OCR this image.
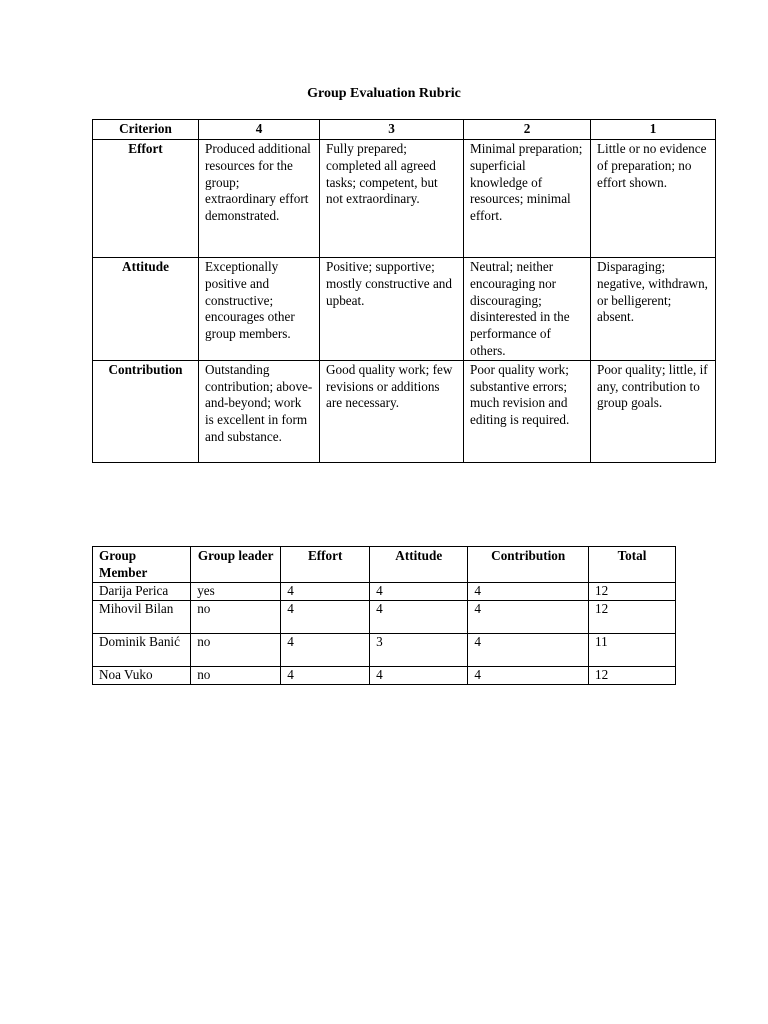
Group Evaluation Rubric
Criterion	4	3	2	1
Effort	Produced additional resources for the group; extraordinary effort demonstrated.	Fully prepared; completed all agreed tasks; competent, but not extraordinary.	Minimal preparation; superficial knowledge of resources; minimal effort.	Little or no evidence of preparation; no effort shown.
Attitude	Exceptionally positive and constructive; encourages other group members.	Positive; supportive; mostly constructive and upbeat.	Neutral; neither encouraging nor discouraging; disinterested in the performance of others.	Disparaging; negative, withdrawn, or belligerent; absent.
Contribution	Outstanding contribution; above-and-beyond; work is excellent in form and substance.	Good quality work; few revisions or additions are necessary.	Poor quality work; substantive errors; much revision and editing is required.	Poor quality; little, if any, contribution to group goals.
Group Member	Group leader	Effort	Attitude	Contribution	Total
Darija Perica	yes	4	4	4	12
Mihovil Bilan	no	4	4	4	12
Dominik Banić	no	4	3	4	11
Noa Vuko	no	4	4	4	12
